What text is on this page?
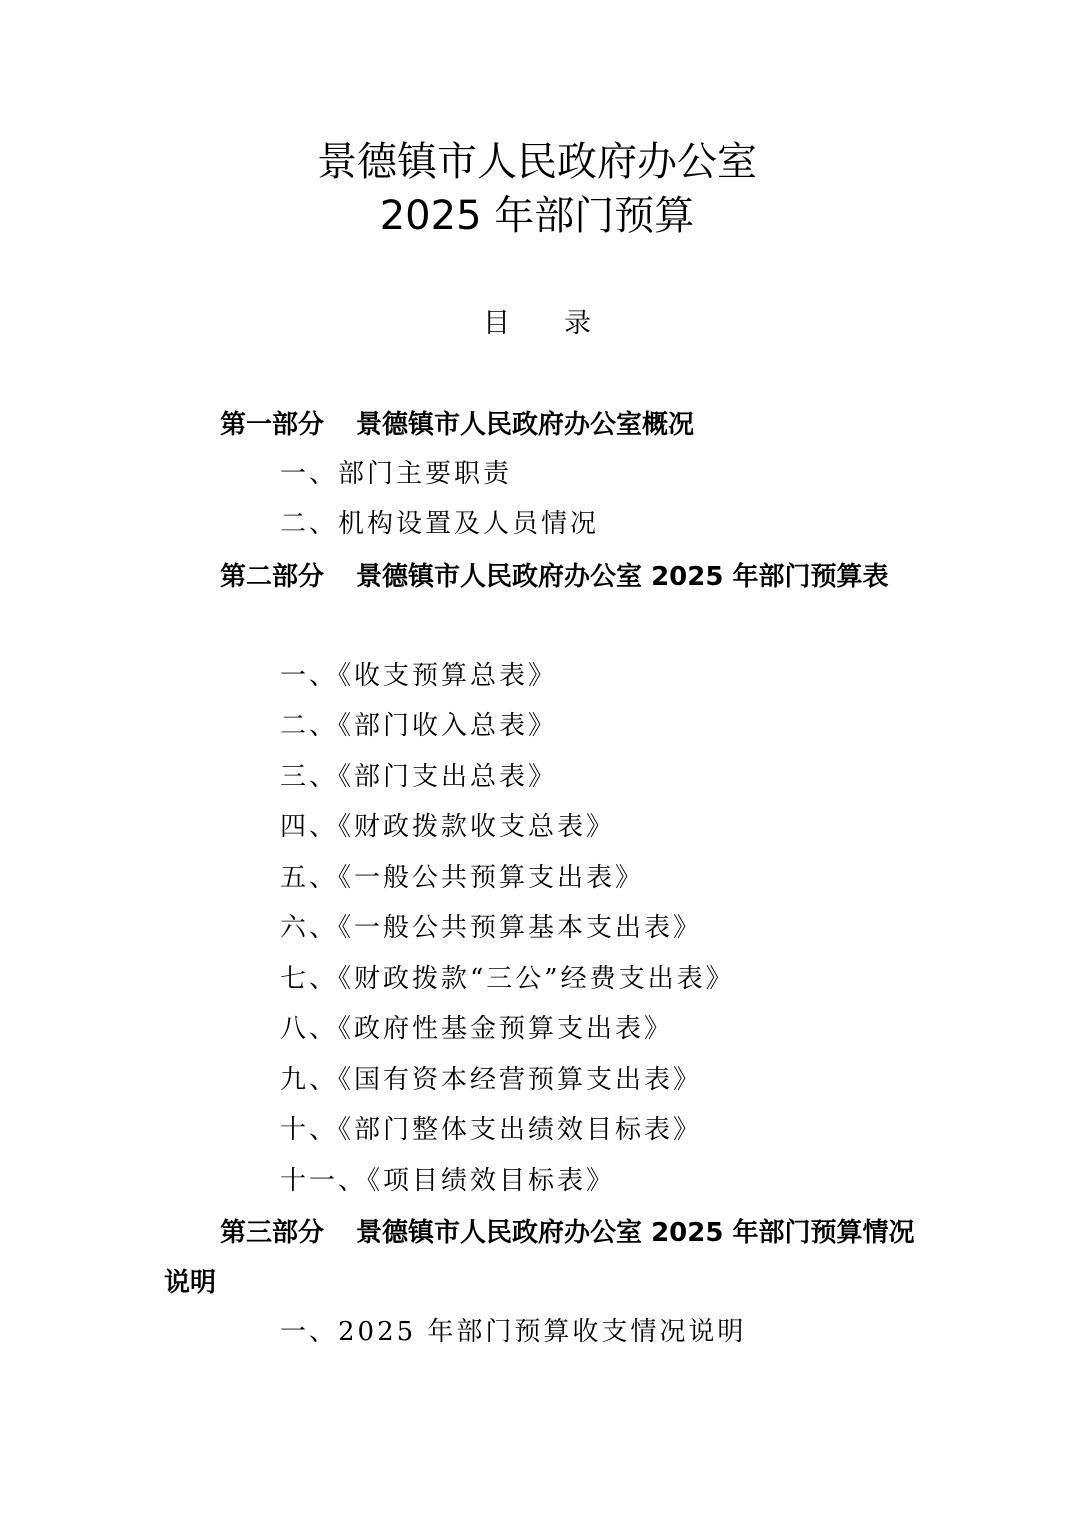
景德镇市人民政府办公室
2025 年部门预算
目录
第一部分 景德镇市人民政府办公室概况
一、部门主要职责
二、机构设置及人员情况
第二部分 景德镇市人民政府办公室 2025 年部门预算表
一、《收支预算总表》
二、《部门收入总表》
三、《部门支出总表》
四、《财政拨款收支总表》
五、《一般公共预算支出表》
六、《一般公共预算基本支出表》
七、《财政拨款“三公”经费支出表》
八、《政府性基金预算支出表》
九、《国有资本经营预算支出表》
十、《部门整体支出绩效目标表》
十一、《项目绩效目标表》
第三部分 景德镇市人民政府办公室 2025 年部门预算情况说明
一、2025 年部门预算收支情况说明
